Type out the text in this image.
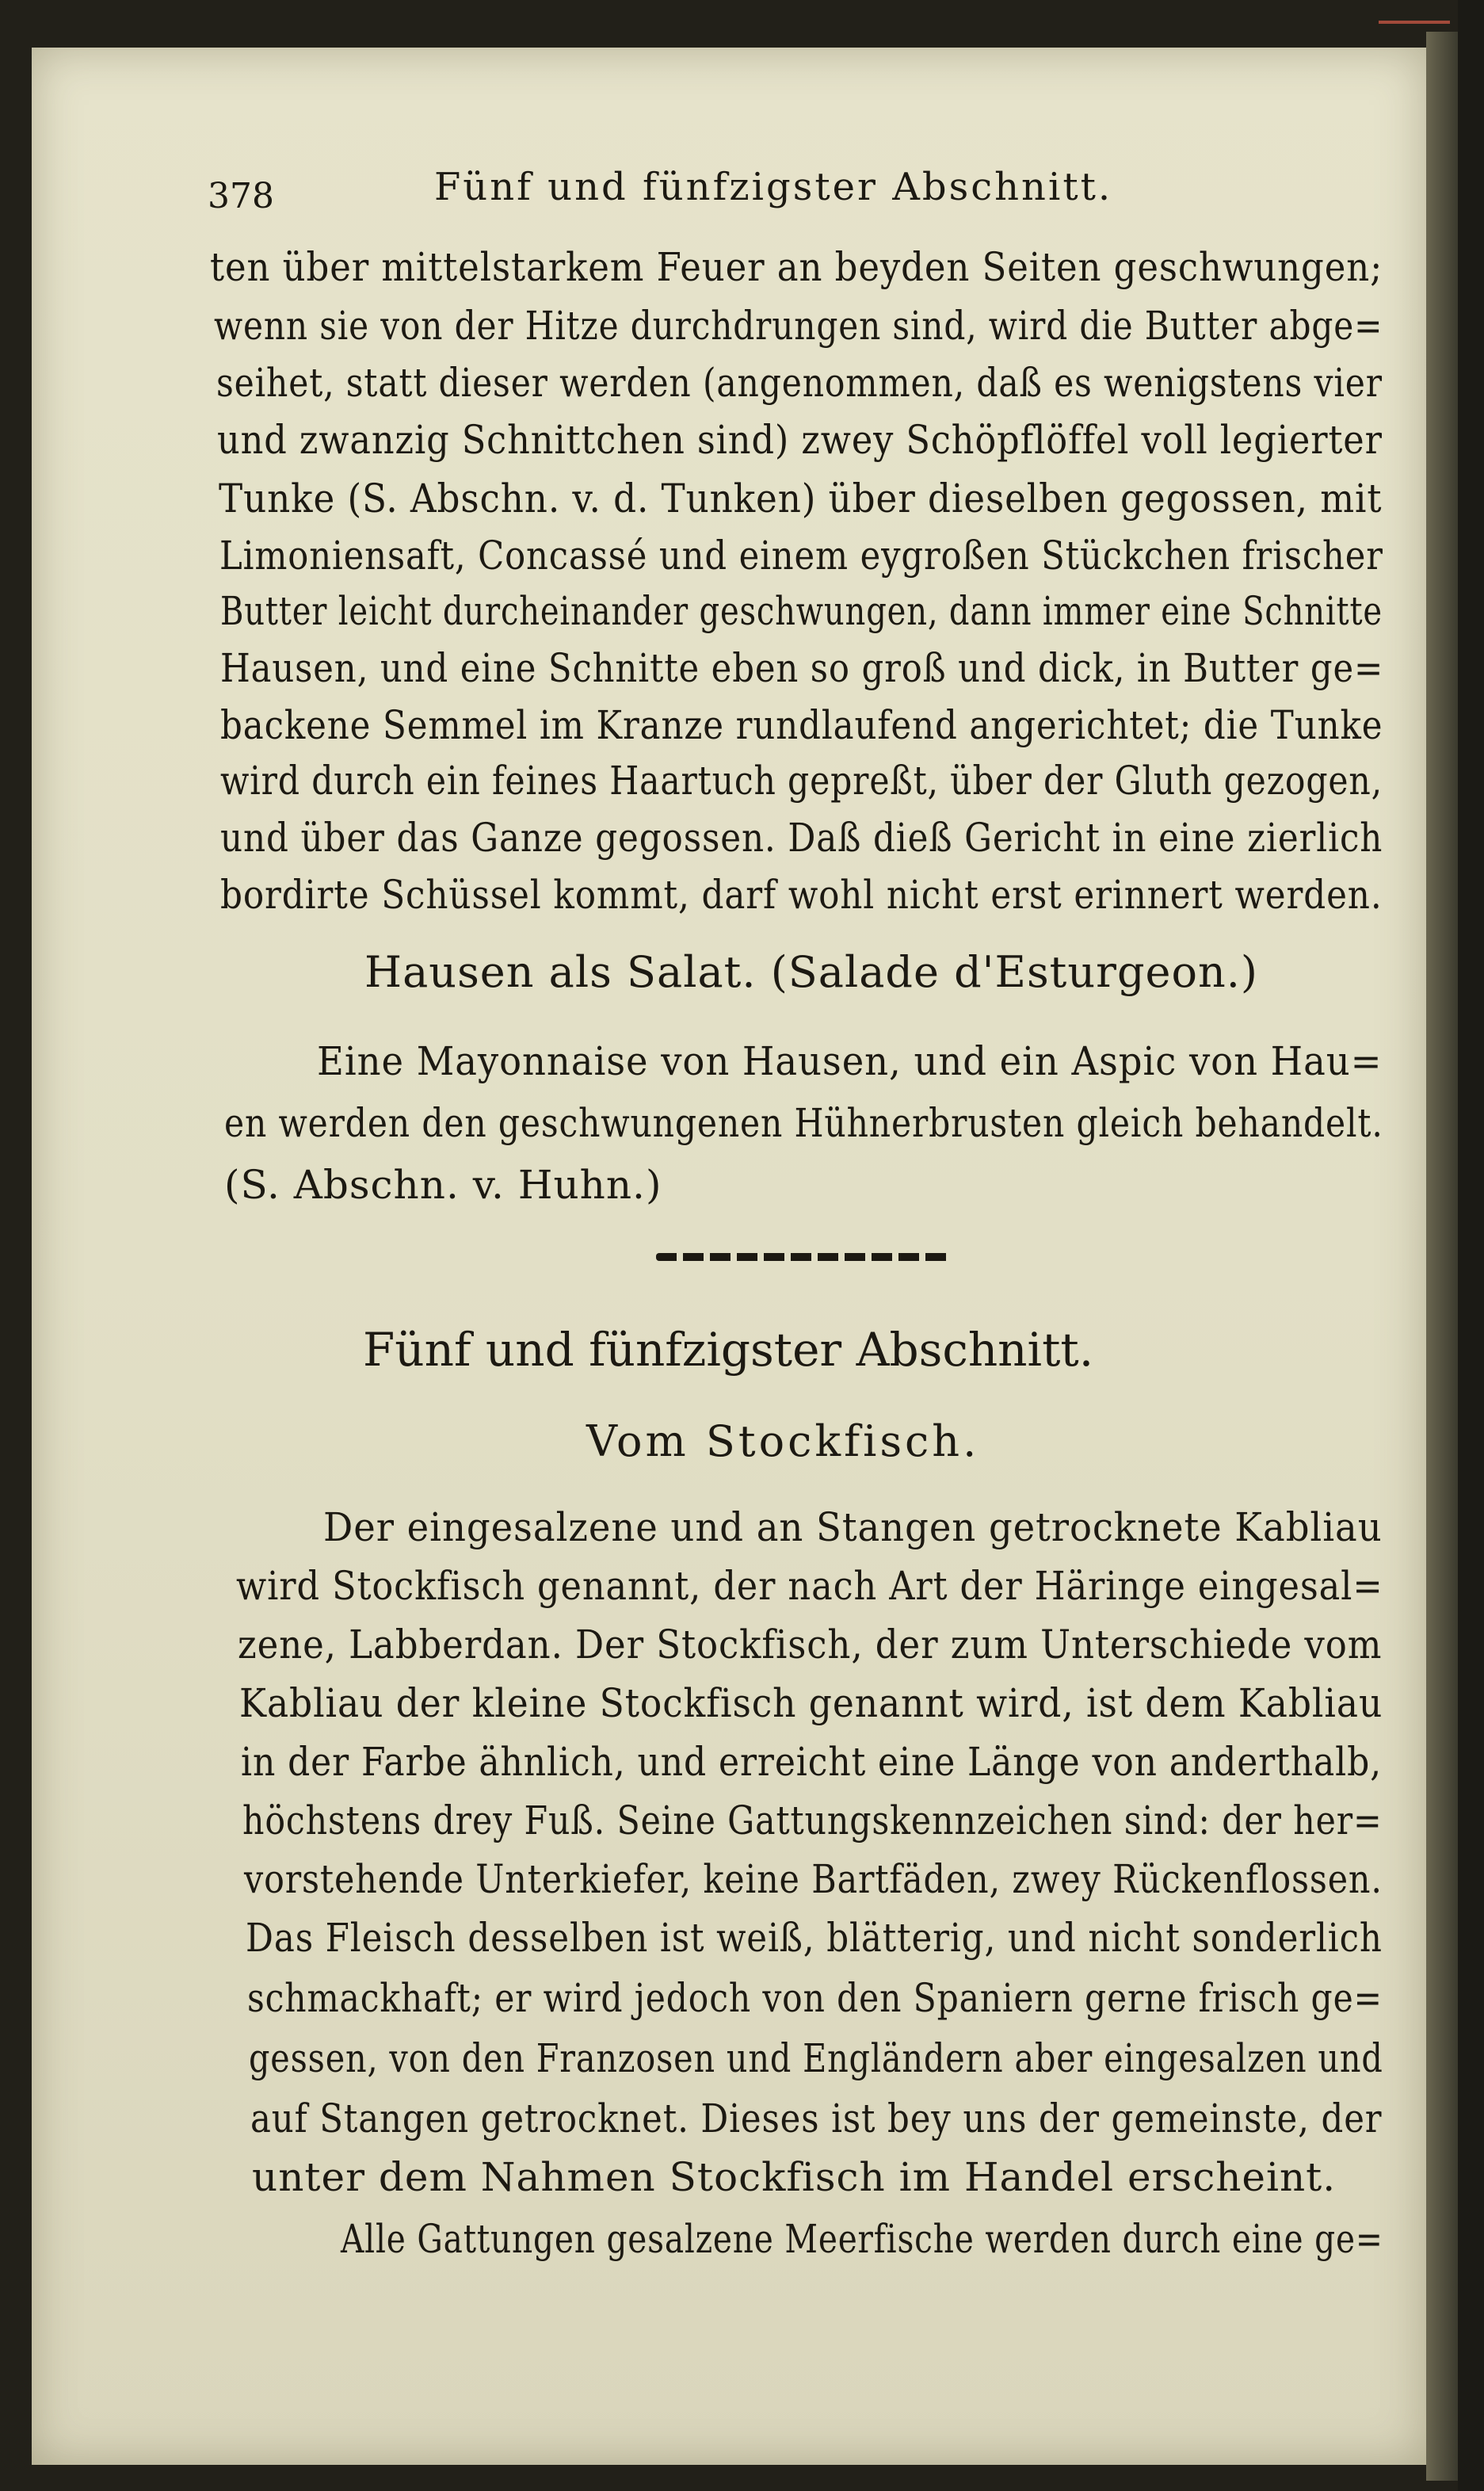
378	Fünf und fünfzigster Abschnitt.
ten über mittelstarkem Feuer an beyden Seiten geschwungen;
wenn sie von der Hitze durchdrungen sind, wird die Butter abge=
seihet, statt dieser werden (angenommen, daß es wenigstens vier
und zwanzig Schnittchen sind) zwey Schöpflöffel voll legierter
Tunke (S. Abschn. v. d. Tunken) über dieselben gegossen, mit
Limoniensaft, Concassé und einem eygroßen Stückchen frischer
Butter leicht durcheinander geschwungen, dann immer eine Schnitte
Hausen, und eine Schnitte eben so groß und dick, in Butter ge=
backene Semmel im Kranze rundlaufend angerichtet; die Tunke
wird durch ein feines Haartuch gepreßt, über der Gluth gezogen,
und über das Ganze gegossen. Daß dieß Gericht in eine zierlich
bordirte Schüssel kommt, darf wohl nicht erst erinnert werden.
Hausen als Salat. (Salade d'Esturgeon.)
Eine Mayonnaise von Hausen, und ein Aspic von Hau=
en werden den geschwungenen Hühnerbrusten gleich behandelt.
(S. Abschn. v. Huhn.)
Fünf und fünfzigster Abschnitt.
Vom Stockfisch.
Der eingesalzene und an Stangen getrocknete Kabliau
wird Stockfisch genannt, der nach Art der Häringe eingesal=
zene, Labberdan. Der Stockfisch, der zum Unterschiede vom
Kabliau der kleine Stockfisch genannt wird, ist dem Kabliau
in der Farbe ähnlich, und erreicht eine Länge von anderthalb,
höchstens drey Fuß. Seine Gattungskennzeichen sind: der her=
vorstehende Unterkiefer, keine Bartfäden, zwey Rückenflossen.
Das Fleisch desselben ist weiß, blätterig, und nicht sonderlich
schmackhaft; er wird jedoch von den Spaniern gerne frisch ge=
gessen, von den Franzosen und Engländern aber eingesalzen und
auf Stangen getrocknet. Dieses ist bey uns der gemeinste, der
unter dem Nahmen Stockfisch im Handel erscheint.
Alle Gattungen gesalzene Meerfische werden durch eine ge=
